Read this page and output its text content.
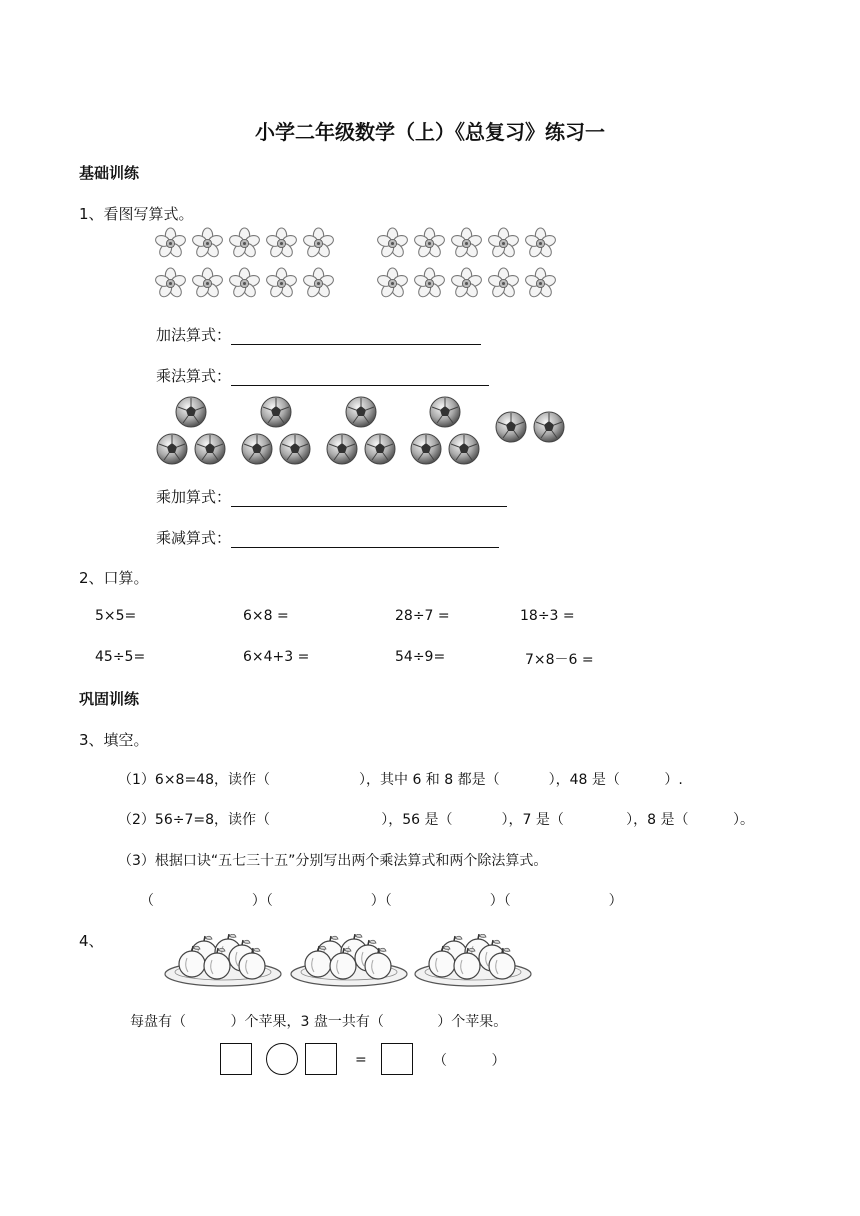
小学二年级数学（上）《总复习》练习一
基础训练
1、看图写算式。
加法算式：
乘法算式：
乘加算式：
乘减算式：
2、口算。
5×5=	6×8 =	28÷7 =	18÷3 =
45÷5=	6×4+3 =	54÷9=	7×8－6 =
巩固训练
3、填空。
（1）6×8=48，读作（                    ），其中 6 和 8 都是（           ），48 是（          ）.
（2）56÷7=8，读作（                         ），56 是（           ），7 是（              ），8 是（          ）。
（3）根据口诀“五七三十五”分别写出两个乘法算式和两个除法算式。
（                      ）（                      ）（                      ）（                      ）
4、
每盘有（          ）个苹果，3 盘一共有（            ）个苹果。
=	（          ）
